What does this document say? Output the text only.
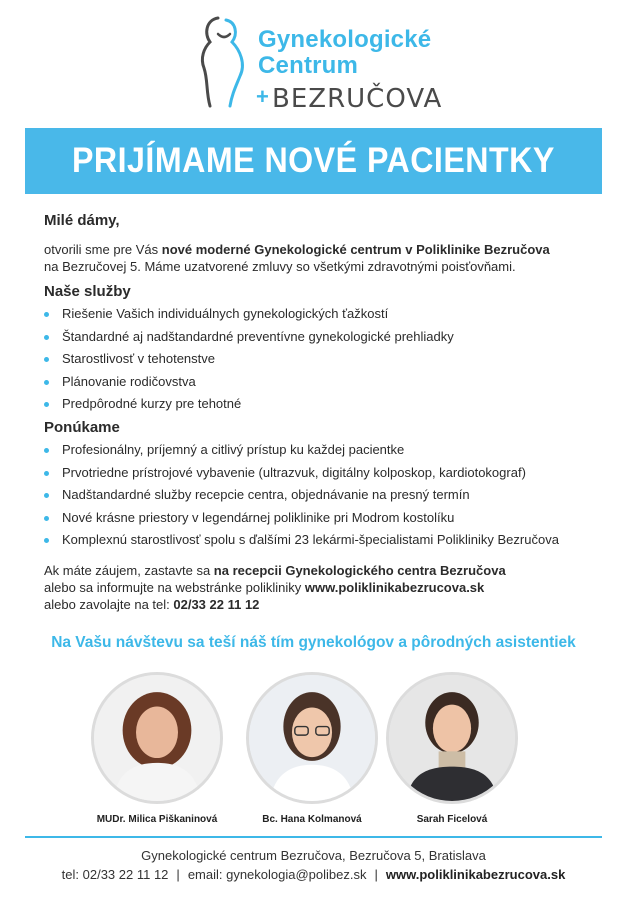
Gynekologické
Centrum
+ BEZRUČOVA
PRIJÍMAME NOVÉ PACIENTKY
Milé dámy,
otvorili sme pre Vás nové moderné Gynekologické centrum v Poliklinike Bezručova
na Bezručovej 5. Máme uzatvorené zmluvy so všetkými zdravotnými poisťovňami.
Naše služby
Riešenie Vašich individuálnych gynekologických ťažkostí
Štandardné aj nadštandardné preventívne gynekologické prehliadky
Starostlivosť v tehotenstve
Plánovanie rodičovstva
Predpôrodné kurzy pre tehotné
Ponúkame
Profesionálny, príjemný a citlivý prístup ku každej pacientke
Prvotriedne prístrojové vybavenie (ultrazvuk, digitálny kolposkop, kardiotokograf)
Nadštandardné služby recepcie centra, objednávanie na presný termín
Nové krásne priestory v legendárnej poliklinike pri Modrom kostolíku
Komplexnú starostlivosť spolu s ďalšími 23 lekármi-špecialistami Polikliniky Bezručova
Ak máte záujem, zastavte sa na recepcii Gynekologického centra Bezručova
alebo sa informujte na webstránke polikliniky www.poliklinikabezrucova.sk
alebo zavolajte na tel: 02/33 22 11 12
Na Vašu návštevu sa teší náš tím gynekológov a pôrodných asistentiek
MUDr. Milica Piškaninová	Bc. Hana Kolmanová	Sarah Ficelová
Gynekologické centrum Bezručova, Bezručova 5, Bratislava
tel: 02/33 22 11 12 | email: gynekologia@polibez.sk | www.poliklinikabezrucova.sk
